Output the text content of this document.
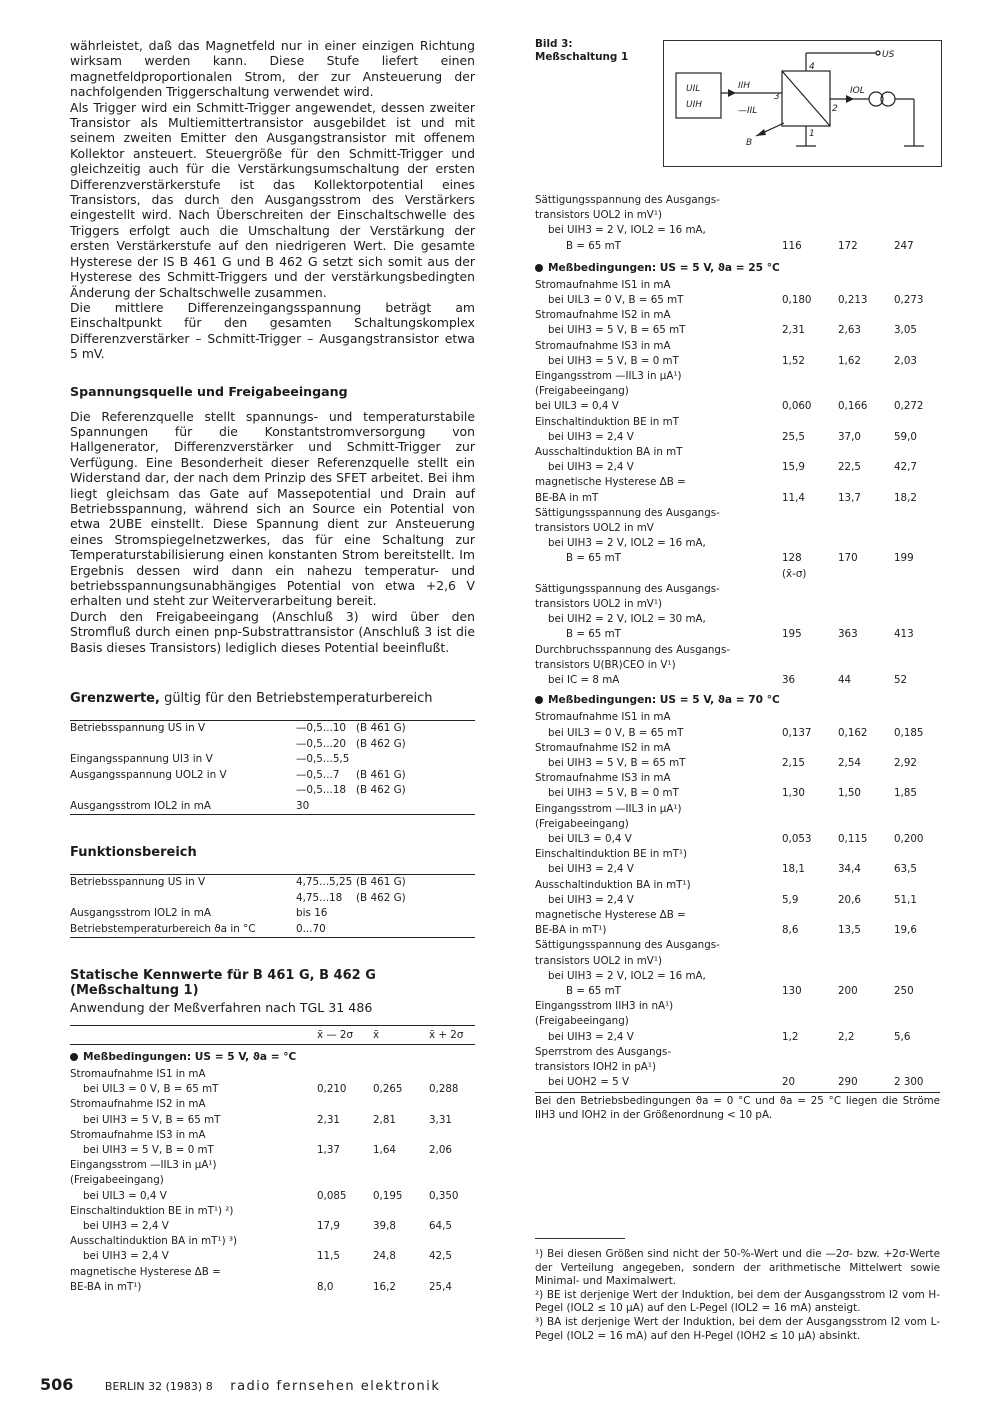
währleistet, daß das Magnetfeld nur in einer einzigen Richtung wirksam werden kann. Diese Stufe liefert einen magnetfeldproportionalen Strom, der zur Ansteuerung der nachfolgenden Triggerschaltung verwendet wird.

Als Trigger wird ein Schmitt-Trigger angewendet, dessen zweiter Transistor als Multiemittertransistor ausgebildet ist und mit seinem zweiten Emitter den Ausgangstransistor mit offenem Kollektor ansteuert. Steuergröße für den Schmitt-Trigger und gleichzeitig auch für die Verstärkungsumschaltung der ersten Differenzverstärkerstufe ist das Kollektorpotential eines Transistors, das durch den Ausgangsstrom des Verstärkers eingestellt wird. Nach Überschreiten der Einschaltschwelle des Triggers erfolgt auch die Umschaltung der Verstärkung der ersten Verstärkerstufe auf den niedrigeren Wert. Die gesamte Hysterese der IS B 461 G und B 462 G setzt sich somit aus der Hysterese des Schmitt-Triggers und der verstärkungsbedingten Änderung der Schaltschwelle zusammen.

Die mittlere Differenzeingangsspannung beträgt am Einschaltpunkt für den gesamten Schaltungskomplex Differenzverstärker – Schmitt-Trigger – Ausgangstransistor etwa 5 mV.

Spannungsquelle und Freigabeeingang

Die Referenzquelle stellt spannungs- und temperaturstabile Spannungen für die Konstantstromversorgung von Hallgenerator, Differenzverstärker und Schmitt-Trigger zur Verfügung. Eine Besonderheit dieser Referenzquelle stellt ein Widerstand dar, der nach dem Prinzip des SFET arbeitet. Bei ihm liegt gleichsam das Gate auf Massepotential und Drain auf Betriebsspannung, während sich an Source ein Potential von etwa 2UBE einstellt. Diese Spannung dient zur Ansteuerung eines Stromspiegelnetzwerkes, das für eine Schaltung zur Temperaturstabilisierung einen konstanten Strom bereitstellt. Im Ergebnis dessen wird dann ein nahezu temperatur- und betriebsspannungsunabhängiges Potential von etwa +2,6 V erhalten und steht zur Weiterverarbeitung bereit.

Durch den Freigabeeingang (Anschluß 3) wird über den Stromfluß durch einen pnp-Substrattransistor (Anschluß 3 ist die Basis dieses Transistors) lediglich dieses Potential beeinflußt.

Grenzwerte, gültig für den Betriebstemperaturbereich
Betriebsspannung US in V	—0,5...10	(B 461 G)
	—0,5...20	(B 462 G)
Eingangsspannung UI3 in V	—0,5...5,5	
Ausgangsspannung UOL2 in V	—0,5...7	(B 461 G)
	—0,5...18	(B 462 G)
Ausgangsstrom IOL2 in mA	30	
Funktionsbereich
Betriebsspannung US in V	4,75...5,25	(B 461 G)
	4,75...18	(B 462 G)
Ausgangsstrom IOL2 in mA	bis 16	
Betriebstemperaturbereich ϑa in °C	0...70	
Statische Kennwerte für B 461 G, B 462 G (Meßschaltung 1)
Anwendung der Meßverfahren nach TGL 31 486
x̄ — 2σ	x̄	x̄ + 2σ
Meßbedingungen: US = 5 V, ϑa = °C
Stromaufnahme IS1 in mA
bei UIL3 = 0 V, B = 65 mT	0,210	0,265	0,288
Stromaufnahme IS2 in mA
bei UIH3 = 5 V, B = 65 mT	2,31	2,81	3,31
Stromaufnahme IS3 in mA
bei UIH3 = 5 V, B = 0 mT	1,37	1,64	2,06
Eingangsstrom —IIL3 in µA¹)
(Freigabeeingang)
bei UIL3 = 0,4 V	0,085	0,195	0,350
Einschaltinduktion BE in mT¹) ²)
bei UIH3 = 2,4 V	17,9	39,8	64,5
Ausschaltinduktion BA in mT¹) ³)
bei UIH3 = 2,4 V	11,5	24,8	42,5
magnetische Hysterese ΔB =
BE-BA in mT¹)	8,0	16,2	25,4
Bild 3:
Meßschaltung 1
UIL
UIH
IIH
—IIL
IOL
US
B
4
2
3
1
Sättigungsspannung des Ausgangs-
transistors UOL2 in mV¹)
bei UIH3 = 2 V, IOL2 = 16 mA,
B = 65 mT	116	172	247
Meßbedingungen: US = 5 V, ϑa = 25 °C
Stromaufnahme IS1 in mA
bei UIL3 = 0 V, B = 65 mT	0,180	0,213	0,273
Stromaufnahme IS2 in mA
bei UIH3 = 5 V, B = 65 mT	2,31	2,63	3,05
Stromaufnahme IS3 in mA
bei UIH3 = 5 V, B = 0 mT	1,52	1,62	2,03
Eingangsstrom —IIL3 in µA¹)
(Freigabeeingang)
bei UIL3 = 0,4 V	0,060	0,166	0,272
Einschaltinduktion BE in mT
bei UIH3 = 2,4 V	25,5	37,0	59,0
Ausschaltinduktion BA in mT
bei UIH3 = 2,4 V	15,9	22,5	42,7
magnetische Hysterese ΔB =
BE-BA in mT	11,4	13,7	18,2
Sättigungsspannung des Ausgangs-
transistors UOL2 in mV
bei UIH3 = 2 V, IOL2 = 16 mA,
B = 65 mT	128	170	199
(x̄-σ)
Sättigungsspannung des Ausgangs-
transistors UOL2 in mV¹)
bei UIH2 = 2 V, IOL2 = 30 mA,
B = 65 mT	195	363	413
Durchbruchsspannung des Ausgangs-
transistors U(BR)CEO in V¹)
bei IC = 8 mA	36	44	52
Meßbedingungen: US = 5 V, ϑa = 70 °C
Stromaufnahme IS1 in mA
bei UIL3 = 0 V, B = 65 mT	0,137	0,162	0,185
Stromaufnahme IS2 in mA
bei UIH3 = 5 V, B = 65 mT	2,15	2,54	2,92
Stromaufnahme IS3 in mA
bei UIH3 = 5 V, B = 0 mT	1,30	1,50	1,85
Eingangsstrom —IIL3 in µA¹)
(Freigabeeingang)
bei UIL3 = 0,4 V	0,053	0,115	0,200
Einschaltinduktion BE in mT¹)
bei UIH3 = 2,4 V	18,1	34,4	63,5
Ausschaltinduktion BA in mT¹)
bei UIH3 = 2,4 V	5,9	20,6	51,1
magnetische Hysterese ΔB =
BE-BA in mT¹)	8,6	13,5	19,6
Sättigungsspannung des Ausgangs-
transistors UOL2 in mV¹)
bei UIH3 = 2 V, IOL2 = 16 mA,
B = 65 mT	130	200	250
Eingangsstrom IIH3 in nA¹)
(Freigabeeingang)
bei UIH3 = 2,4 V	1,2	2,2	5,6
Sperrstrom des Ausgangs-
transistors IOH2 in pA¹)
bei UOH2 = 5 V	20	290	2 300
Bei den Betriebsbedingungen ϑa = 0 °C und ϑa = 25 °C liegen die Ströme IIH3 und IOH2 in der Größenordnung < 10 pA.
¹) Bei diesen Größen sind nicht der 50-%-Wert und die —2σ- bzw. +2σ-Werte der Verteilung angegeben, sondern der arithmetische Mittelwert sowie Minimal- und Maximalwert.
²) BE ist derjenige Wert der Induktion, bei dem der Ausgangsstrom I2 vom H-Pegel (IOL2 ≤ 10 µA) auf den L-Pegel (IOL2 = 16 mA) ansteigt.
³) BA ist derjenige Wert der Induktion, bei dem der Ausgangsstrom I2 vom L-Pegel (IOL2 = 16 mA) auf den H-Pegel (IOH2 ≤ 10 µA) absinkt.
506	BERLIN 32 (1983) 8 radio fernsehen elektronik
